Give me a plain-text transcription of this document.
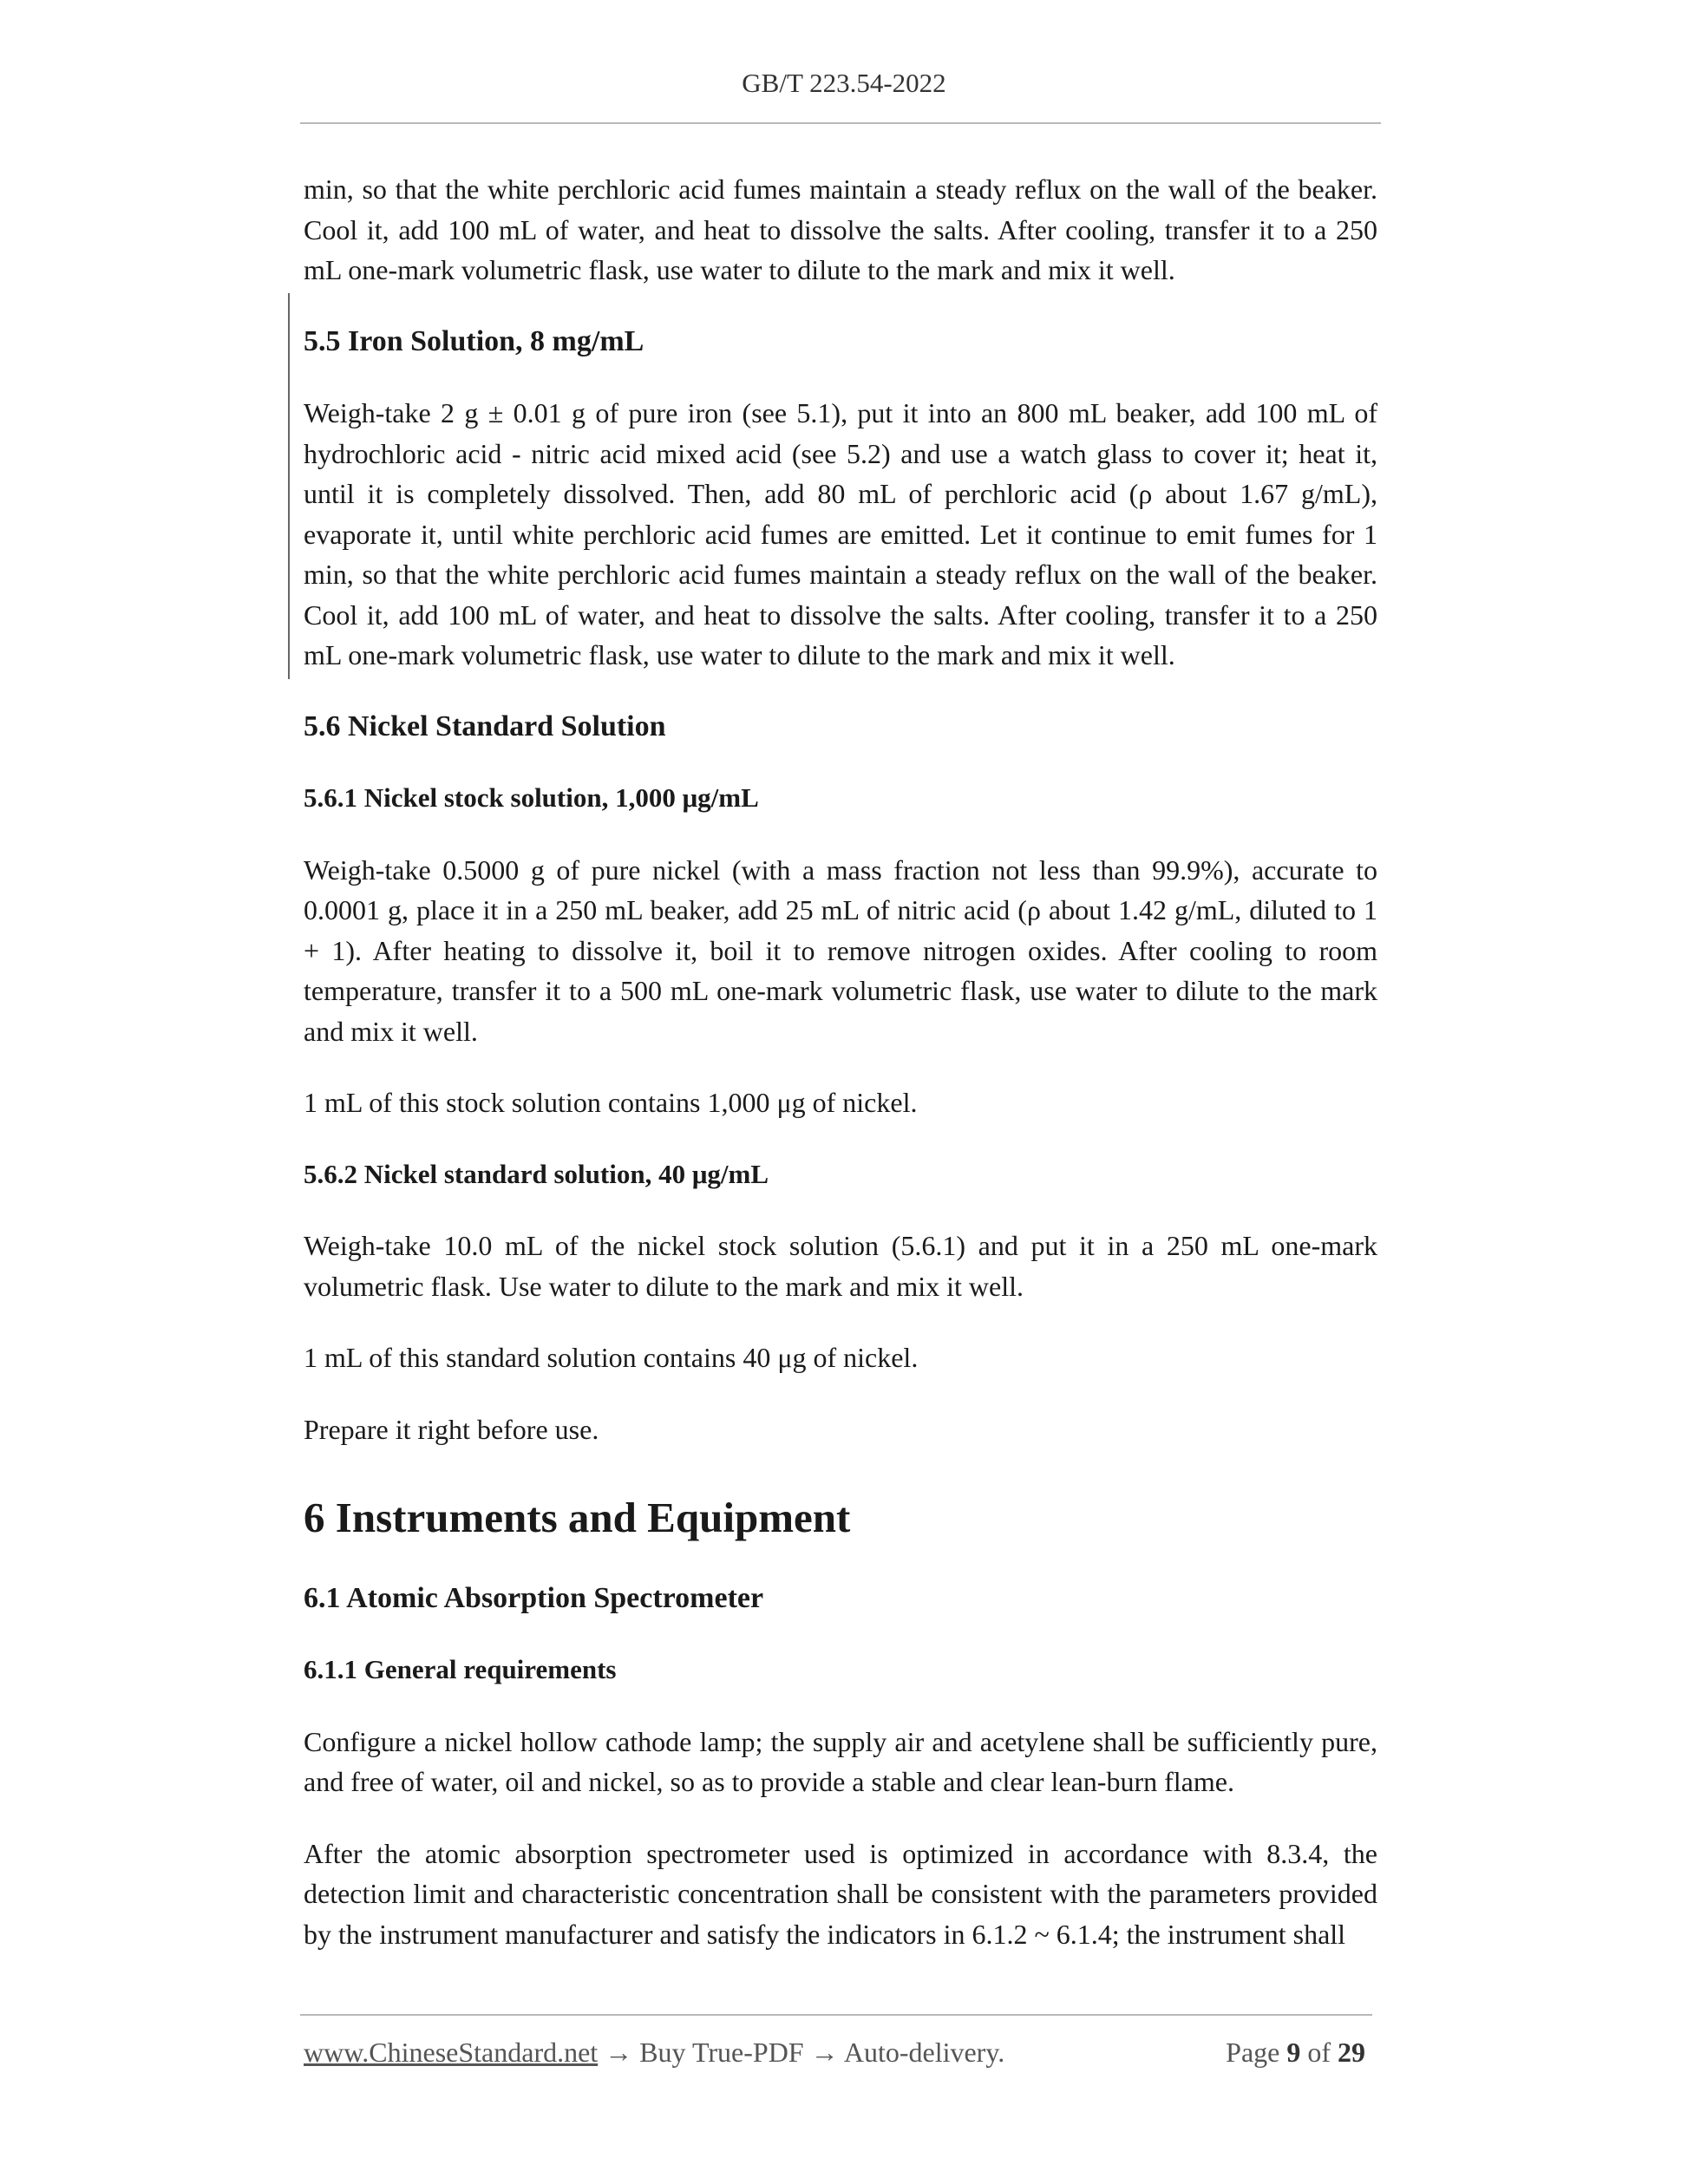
GB/T 223.54-2022

min, so that the white perchloric acid fumes maintain a steady reflux on the wall of the beaker. Cool it, add 100 mL of water, and heat to dissolve the salts. After cooling, transfer it to a 250 mL one-mark volumetric flask, use water to dilute to the mark and mix it well.

5.5 Iron Solution, 8 mg/mL

Weigh-take 2 g ± 0.01 g of pure iron (see 5.1), put it into an 800 mL beaker, add 100 mL of hydrochloric acid - nitric acid mixed acid (see 5.2) and use a watch glass to cover it; heat it, until it is completely dissolved. Then, add 80 mL of perchloric acid (ρ about 1.67 g/mL), evaporate it, until white perchloric acid fumes are emitted. Let it continue to emit fumes for 1 min, so that the white perchloric acid fumes maintain a steady reflux on the wall of the beaker. Cool it, add 100 mL of water, and heat to dissolve the salts. After cooling, transfer it to a 250 mL one-mark volumetric flask, use water to dilute to the mark and mix it well.

5.6 Nickel Standard Solution

5.6.1 Nickel stock solution, 1,000 μg/mL

Weigh-take 0.5000 g of pure nickel (with a mass fraction not less than 99.9%), accurate to 0.0001 g, place it in a 250 mL beaker, add 25 mL of nitric acid (ρ about 1.42 g/mL, diluted to 1 + 1). After heating to dissolve it, boil it to remove nitrogen oxides. After cooling to room temperature, transfer it to a 500 mL one-mark volumetric flask, use water to dilute to the mark and mix it well.

1 mL of this stock solution contains 1,000 μg of nickel.

5.6.2 Nickel standard solution, 40 μg/mL

Weigh-take 10.0 mL of the nickel stock solution (5.6.1) and put it in a 250 mL one-mark volumetric flask. Use water to dilute to the mark and mix it well.

1 mL of this standard solution contains 40 μg of nickel.

Prepare it right before use.

6 Instruments and Equipment

6.1 Atomic Absorption Spectrometer

6.1.1 General requirements

Configure a nickel hollow cathode lamp; the supply air and acetylene shall be sufficiently pure, and free of water, oil and nickel, so as to provide a stable and clear lean-burn flame.

After the atomic absorption spectrometer used is optimized in accordance with 8.3.4, the detection limit and characteristic concentration shall be consistent with the parameters provided by the instrument manufacturer and satisfy the indicators in 6.1.2 ~ 6.1.4; the instrument shall

www.ChineseStandard.net → Buy True-PDF → Auto-delivery.	Page 9 of 29
